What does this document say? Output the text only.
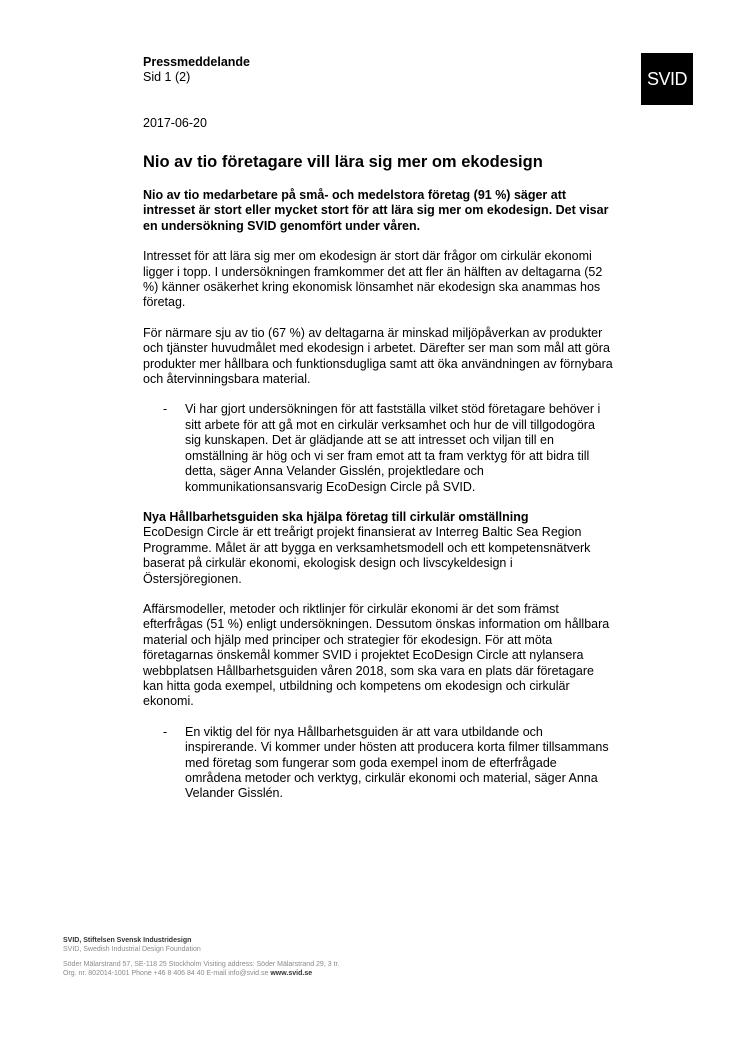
SVID
Pressmeddelande
Sid 1 (2)
2017-06-20
Nio av tio företagare vill lära sig mer om ekodesign

Nio av tio medarbetare på små- och medelstora företag (91 %) säger att intresset är stort eller mycket stort för att lära sig mer om ekodesign. Det visar en undersökning SVID genomfört under våren.

Intresset för att lära sig mer om ekodesign är stort där frågor om cirkulär ekonomi ligger i topp. I undersökningen framkommer det att fler än hälften av deltagarna (52 %) känner osäkerhet kring ekonomisk lönsamhet när ekodesign ska anammas hos företag.

För närmare sju av tio (67 %) av deltagarna är minskad miljöpåverkan av produkter och tjänster huvudmålet med ekodesign i arbetet. Därefter ser man som mål att göra produkter mer hållbara och funktionsdugliga samt att öka användningen av förnybara och återvinningsbara material.

-	Vi har gjort undersökningen för att fastställa vilket stöd företagare behöver i sitt arbete för att gå mot en cirkulär verksamhet och hur de vill tillgodogöra sig kunskapen. Det är glädjande att se att intresset och viljan till en omställning är hög och vi ser fram emot att ta fram verktyg för att bidra till detta, säger Anna Velander Gisslén, projektledare och kommunikationsansvarig EcoDesign Circle på SVID.
Nya Hållbarhetsguiden ska hjälpa företag till cirkulär omställning

EcoDesign Circle är ett treårigt projekt finansierat av Interreg Baltic Sea Region Programme. Målet är att bygga en verksamhetsmodell och ett kompetensnätverk baserat på cirkulär ekonomi, ekologisk design och livscykeldesign i Östersjöregionen.

Affärsmodeller, metoder och riktlinjer för cirkulär ekonomi är det som främst efterfrågas (51 %) enligt undersökningen. Dessutom önskas information om hållbara material och hjälp med principer och strategier för ekodesign. För att möta företagarnas önskemål kommer SVID i projektet EcoDesign Circle att nylansera webbplatsen Hållbarhetsguiden våren 2018, som ska vara en plats där företagare kan hitta goda exempel, utbildning och kompetens om ekodesign och cirkulär ekonomi.

-	En viktig del för nya Hållbarhetsguiden är att vara utbildande och inspirerande. Vi kommer under hösten att producera korta filmer tillsammans med företag som fungerar som goda exempel inom de efterfrågade områdena metoder och verktyg, cirkulär ekonomi och material, säger Anna Velander Gisslén.
SVID, Stiftelsen Svensk Industridesign
SVID, Swedish Industrial Design Foundation
Söder Mälarstrand 57, SE-118 25 Stockholm Visiting address: Söder Mälarstrand 29, 3 tr.
Org. nr. 802014-1001 Phone +46 8 406 84 40 E-mail info@svid.se www.svid.se
